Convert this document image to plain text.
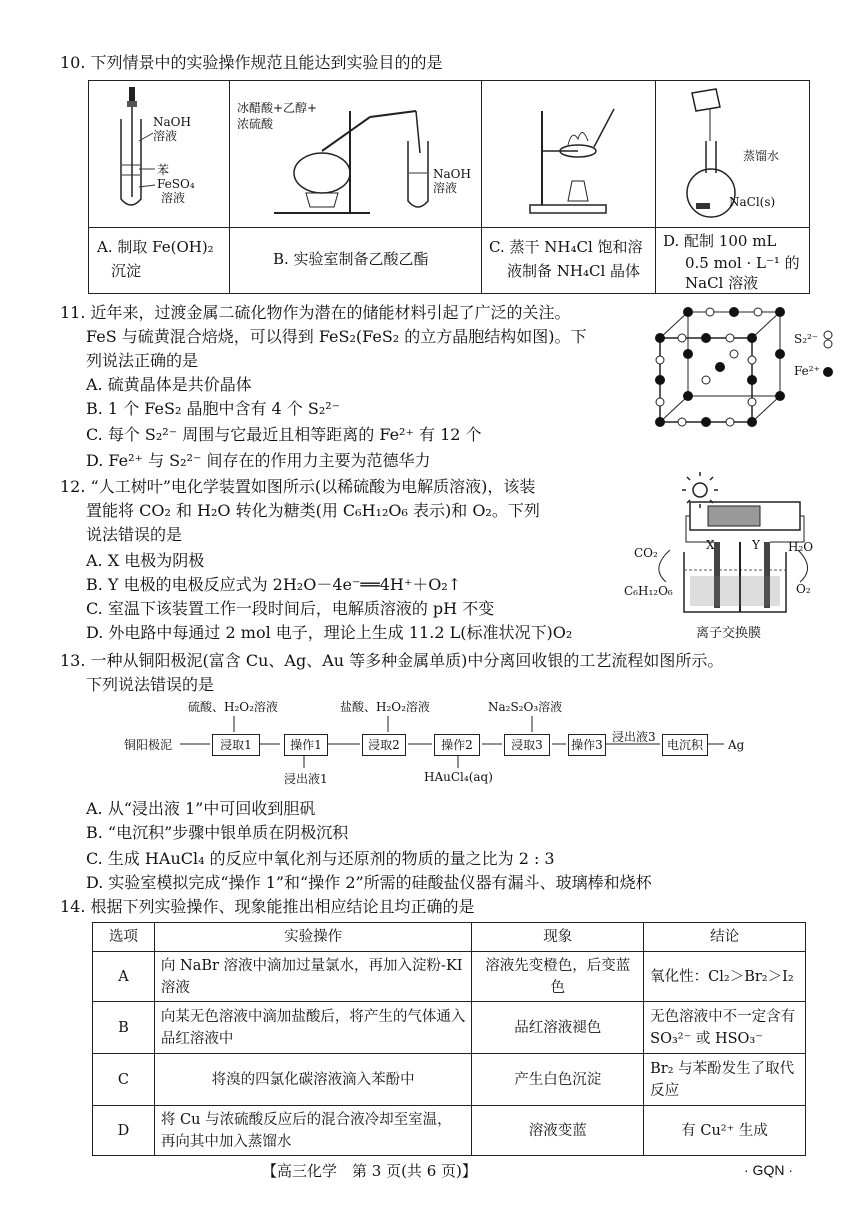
10. 下列情景中的实验操作规范且能达到实验目的的是
NaOH
溶液
苯
FeSO₄
溶液
冰醋酸+乙醇+
浓硫酸
NaOH
溶液
蒸馏水
NaCl(s)
A. 制取 Fe(OH)₂
沉淀
B. 实验室制备乙酸乙酯
C. 蒸干 NH₄Cl 饱和溶
液制备 NH₄Cl 晶体
D. 配制 100 mL
0.5 mol · L⁻¹ 的
NaCl 溶液
11. 近年来，过渡金属二硫化物作为潜在的储能材料引起了广泛的关注。
FeS 与硫黄混合焙烧，可以得到 FeS₂(FeS₂ 的立方晶胞结构如图)。下
列说法正确的是
A. 硫黄晶体是共价晶体
B. 1 个 FeS₂ 晶胞中含有 4 个 S₂²⁻
C. 每个 S₂²⁻ 周围与它最近且相等距离的 Fe²⁺ 有 12 个
D. Fe²⁺ 与 S₂²⁻ 间存在的作用力主要为范德华力
S₂²⁻
Fe²⁺
12. “人工树叶”电化学装置如图所示(以稀硫酸为电解质溶液)，该装
置能将 CO₂ 和 H₂O 转化为糖类(用 C₆H₁₂O₆ 表示)和 O₂。下列
说法错误的是
A. X 电极为阴极
B. Y 电极的电极反应式为 2H₂O－4e⁻══4H⁺＋O₂↑
C. 室温下该装置工作一段时间后，电解质溶液的 pH 不变
D. 外电路中每通过 2 mol 电子，理论上生成 11.2 L(标准状况下)O₂
X	Y
CO₂	H₂O
C₆H₁₂O₆	O₂
离子交换膜
13. 一种从铜阳极泥(富含 Cu、Ag、Au 等多种金属单质)中分离回收银的工艺流程如图所示。
下列说法错误的是
铜阳极泥
硫酸、H₂O₂溶液	盐酸、H₂O₂溶液	Na₂S₂O₃溶液
浸取1	操作1	浸取2	操作2	浸取3	操作3	电沉积
浸出液3
Ag
浸出液1	HAuCl₄(aq)
A. 从“浸出液 1”中可回收到胆矾
B. “电沉积”步骤中银单质在阴极沉积
C. 生成 HAuCl₄ 的反应中氧化剂与还原剂的物质的量之比为 2 : 3
D. 实验室模拟完成“操作 1”和“操作 2”所需的硅酸盐仪器有漏斗、玻璃棒和烧杯
14. 根据下列实验操作、现象能推出相应结论且均正确的是
选项	实验操作	现象	结论
A	向 NaBr 溶液中滴加过量氯水，再加入淀粉-KI 溶液	溶液先变橙色，后变蓝色	氧化性：Cl₂＞Br₂＞I₂
B	向某无色溶液中滴加盐酸后，将产生的气体通入品红溶液中	品红溶液褪色	无色溶液中不一定含有 SO₃²⁻ 或 HSO₃⁻
C	将溴的四氯化碳溶液滴入苯酚中	产生白色沉淀	Br₂ 与苯酚发生了取代反应
D	将 Cu 与浓硫酸反应后的混合液冷却至室温，再向其中加入蒸馏水	溶液变蓝	有 Cu²⁺ 生成
【高三化学　第 3 页(共 6 页)】	· GQN ·
